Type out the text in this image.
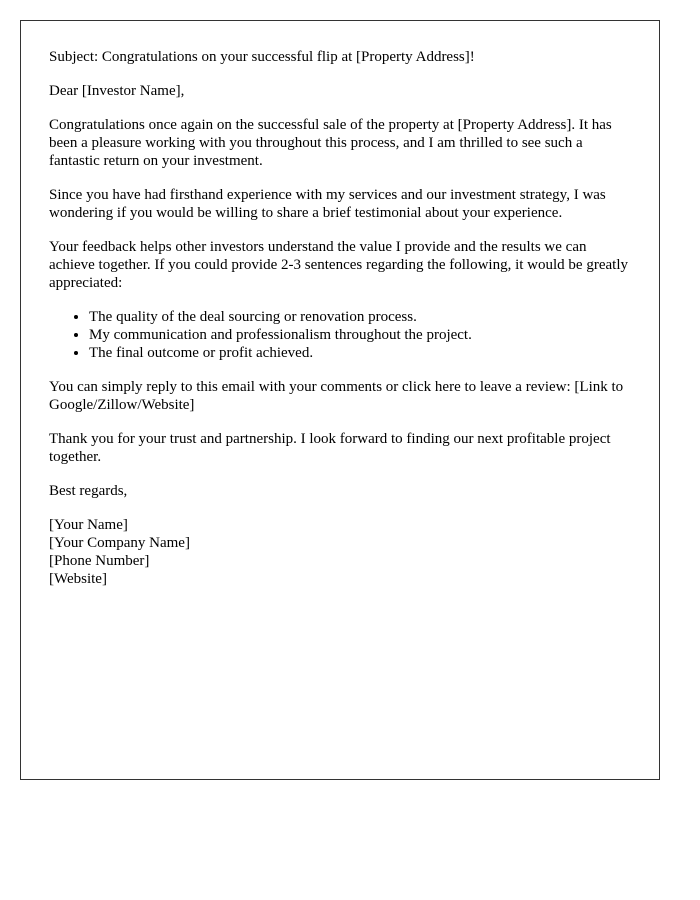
Subject: Congratulations on your successful flip at [Property Address]!

Dear [Investor Name],

Congratulations once again on the successful sale of the property at [Property Address]. It has been a pleasure working with you throughout this process, and I am thrilled to see such a fantastic return on your investment.

Since you have had firsthand experience with my services and our investment strategy, I was wondering if you would be willing to share a brief testimonial about your experience.

Your feedback helps other investors understand the value I provide and the results we can achieve together. If you could provide 2-3 sentences regarding the following, it would be greatly appreciated:

• The quality of the deal sourcing or renovation process.
• My communication and professionalism throughout the project.
• The final outcome or profit achieved.

You can simply reply to this email with your comments or click here to leave a review: [Link to Google/Zillow/Website]

Thank you for your trust and partnership. I look forward to finding our next profitable project together.

Best regards,

[Your Name]
[Your Company Name]
[Phone Number]
[Website]
